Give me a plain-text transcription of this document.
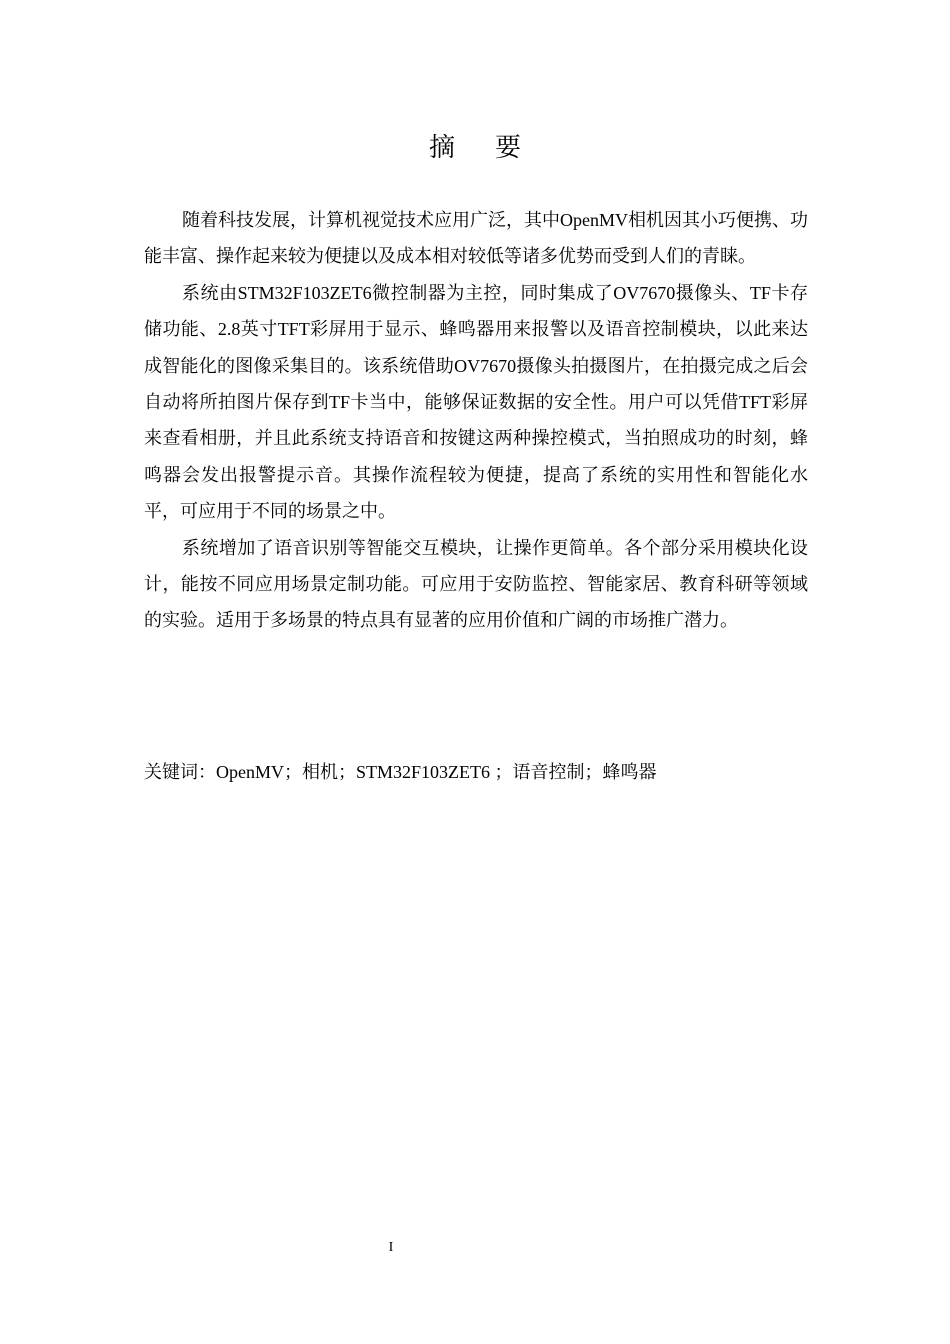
摘要

随着科技发展，计算机视觉技术应用广泛，其中OpenMV相机因其小巧便携、功能丰富、操作起来较为便捷以及成本相对较低等诸多优势而受到人们的青睐。

系统由STM32F103ZET6微控制器为主控，同时集成了OV7670摄像头、TF卡存储功能、2.8英寸TFT彩屏用于显示、蜂鸣器用来报警以及语音控制模块，以此来达成智能化的图像采集目的。该系统借助OV7670摄像头拍摄图片，在拍摄完成之后会自动将所拍图片保存到TF卡当中，能够保证数据的安全性。用户可以凭借TFT彩屏来查看相册，并且此系统支持语音和按键这两种操控模式，当拍照成功的时刻，蜂鸣器会发出报警提示音。其操作流程较为便捷，提高了系统的实用性和智能化水平，可应用于不同的场景之中。

系统增加了语音识别等智能交互模块，让操作更简单。各个部分采用模块化设计，能按不同应用场景定制功能。可应用于安防监控、智能家居、教育科研等领域的实验。适用于多场景的特点具有显著的应用价值和广阔的市场推广潜力。

关键词：OpenMV；相机；STM32F103ZET6 ；语音控制；蜂鸣器
I
